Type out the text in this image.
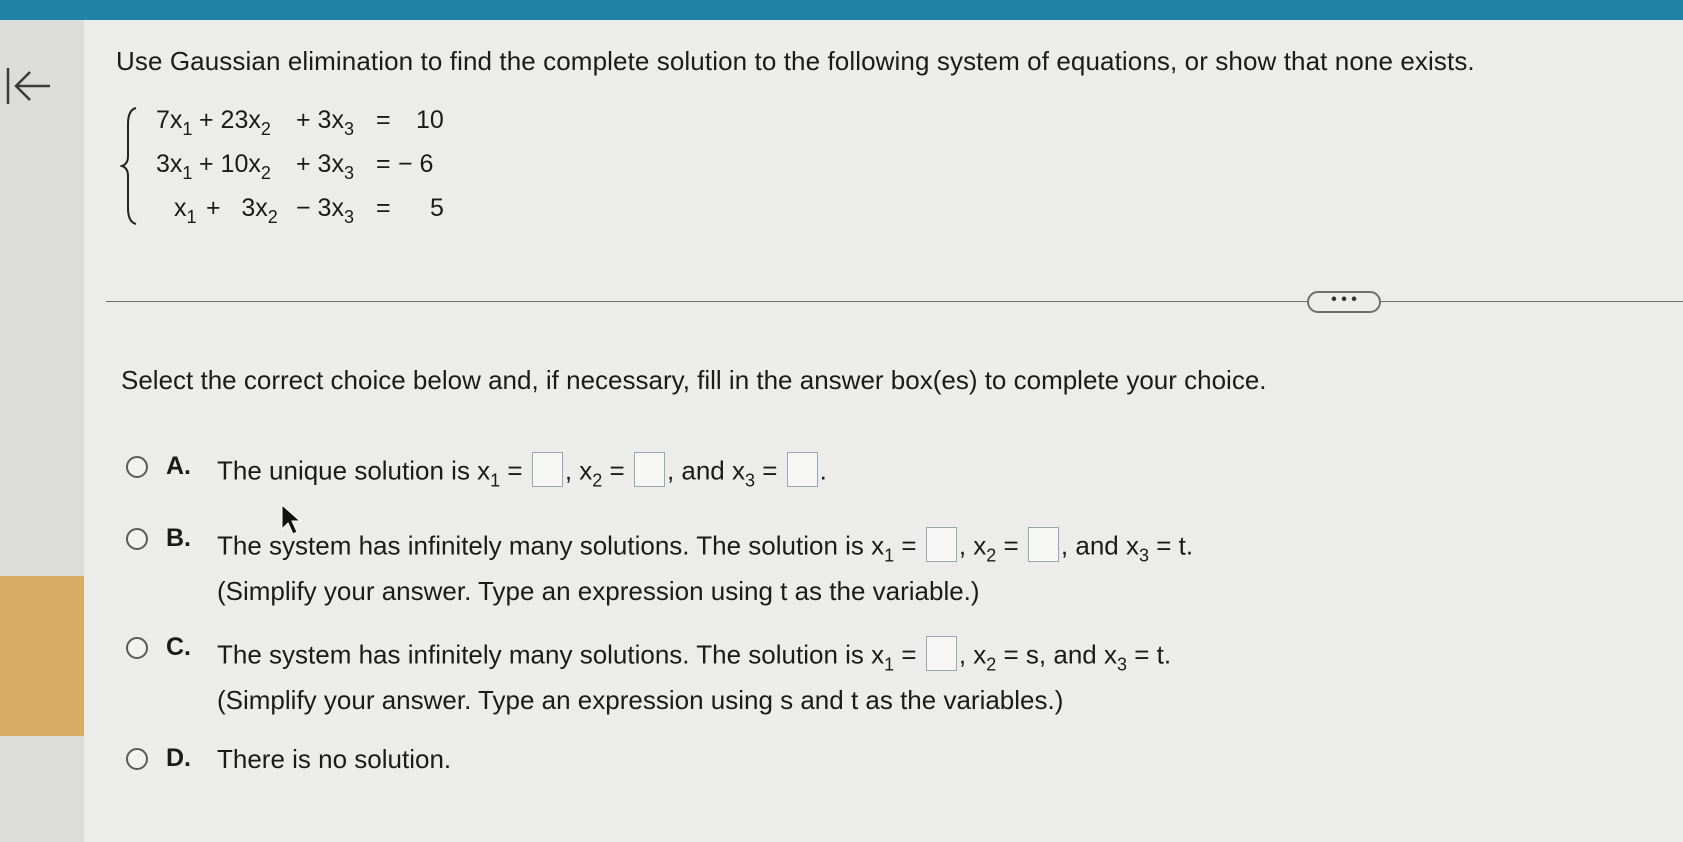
Use Gaussian elimination to find the complete solution to the following system of equations, or show that none exists.
$7x_1 + 23x_2 + 3x_3 = 10$
$3x_1 + 10x_2 + 3x_3$ = − 6
$x_1 + 3x_2 - 3x_3 = 5$
• • •
Select the correct choice below and, if necessary, fill in the answer box(es) to complete your choice.
A. The unique solution is $x_1$ = , $x_2$ = , and $x_3$ = .
B. The system has infinitely many solutions. The solution is $x_1$ = , $x_2$ = , and $x_3 = t$.
(Simplify your answer. Type an expression using t as the variable.)
C. The system has infinitely many solutions. The solution is $x_1$ = , $x_2 = s$, and $x_3 = t$.
(Simplify your answer. Type an expression using s and t as the variables.)
D. There is no solution.
